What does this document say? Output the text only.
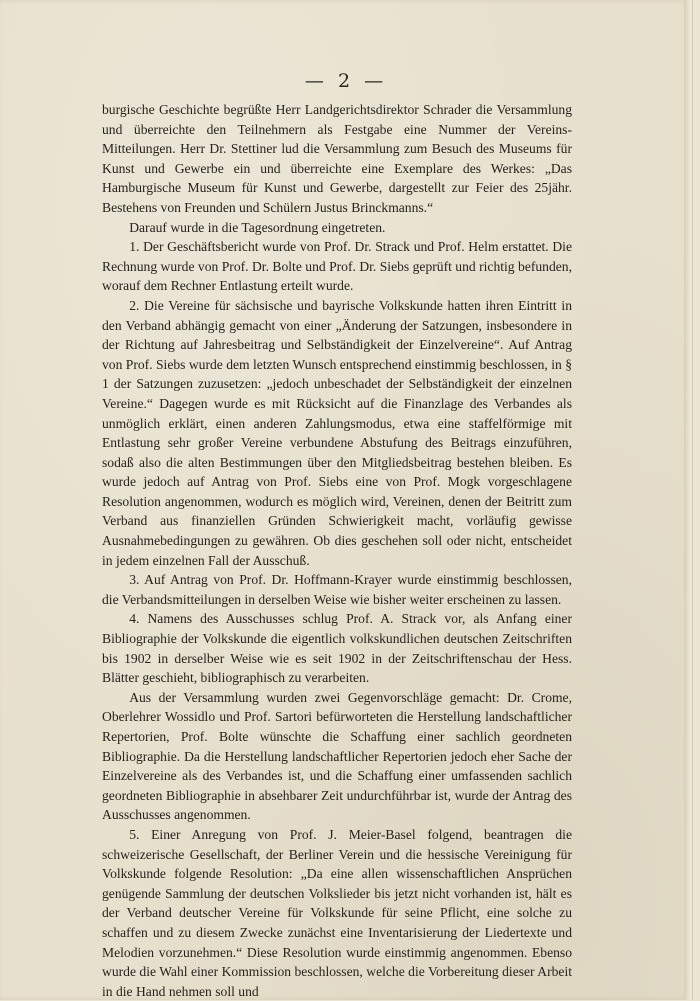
— 2 —

burgische Geschichte begrüßte Herr Landgerichtsdirektor Schrader die Versammlung und überreichte den Teilnehmern als Festgabe eine Nummer der Vereins-Mitteilungen. Herr Dr. Stettiner lud die Versammlung zum Besuch des Museums für Kunst und Gewerbe ein und überreichte eine Exemplare des Werkes: „Das Hamburgische Museum für Kunst und Gewerbe, dargestellt zur Feier des 25jähr. Bestehens von Freunden und Schülern Justus Brinckmanns.“

Darauf wurde in die Tagesordnung eingetreten.

1. Der Geschäftsbericht wurde von Prof. Dr. Strack und Prof. Helm erstattet. Die Rechnung wurde von Prof. Dr. Bolte und Prof. Dr. Siebs geprüft und richtig befunden, worauf dem Rechner Entlastung erteilt wurde.

2. Die Vereine für sächsische und bayrische Volkskunde hatten ihren Eintritt in den Verband abhängig gemacht von einer „Änderung der Satzungen, insbesondere in der Richtung auf Jahresbeitrag und Selbständigkeit der Einzelvereine“. Auf Antrag von Prof. Siebs wurde dem letzten Wunsch entsprechend einstimmig beschlossen, in § 1 der Satzungen zuzusetzen: „jedoch unbeschadet der Selbständigkeit der einzelnen Vereine.“ Dagegen wurde es mit Rücksicht auf die Finanzlage des Verbandes als unmöglich erklärt, einen anderen Zahlungsmodus, etwa eine staffelförmige mit Entlastung sehr großer Vereine verbundene Abstufung des Beitrags einzuführen, sodaß also die alten Bestimmungen über den Mitgliedsbeitrag bestehen bleiben. Es wurde jedoch auf Antrag von Prof. Siebs eine von Prof. Mogk vorgeschlagene Resolution angenommen, wodurch es möglich wird, Vereinen, denen der Beitritt zum Verband aus finanziellen Gründen Schwierigkeit macht, vorläufig gewisse Ausnahmebedingungen zu gewähren. Ob dies geschehen soll oder nicht, entscheidet in jedem einzelnen Fall der Ausschuß.

3. Auf Antrag von Prof. Dr. Hoffmann-Krayer wurde einstimmig beschlossen, die Verbandsmitteilungen in derselben Weise wie bisher weiter erscheinen zu lassen.

4. Namens des Ausschusses schlug Prof. A. Strack vor, als Anfang einer Bibliographie der Volkskunde die eigentlich volkskundlichen deutschen Zeitschriften bis 1902 in derselber Weise wie es seit 1902 in der Zeitschriftenschau der Hess. Blätter geschieht, bibliographisch zu verarbeiten.

Aus der Versammlung wurden zwei Gegenvorschläge gemacht: Dr. Crome, Oberlehrer Wossidlo und Prof. Sartori befürworteten die Herstellung landschaftlicher Repertorien, Prof. Bolte wünschte die Schaffung einer sachlich geordneten Bibliographie. Da die Herstellung landschaftlicher Repertorien jedoch eher Sache der Einzelvereine als des Verbandes ist, und die Schaffung einer umfassenden sachlich geordneten Bibliographie in absehbarer Zeit undurchführbar ist, wurde der Antrag des Ausschusses angenommen.

5. Einer Anregung von Prof. J. Meier-Basel folgend, beantragen die schweizerische Gesellschaft, der Berliner Verein und die hessische Vereinigung für Volkskunde folgende Resolution: „Da eine allen wissenschaftlichen Ansprüchen genügende Sammlung der deutschen Volkslieder bis jetzt nicht vorhanden ist, hält es der Verband deutscher Vereine für Volkskunde für seine Pflicht, eine solche zu schaffen und zu diesem Zwecke zunächst eine Inventarisierung der Liedertexte und Melodien vorzunehmen.“ Diese Resolution wurde einstimmig angenommen. Ebenso wurde die Wahl einer Kommission beschlossen, welche die Vorbereitung dieser Arbeit in die Hand nehmen soll und
